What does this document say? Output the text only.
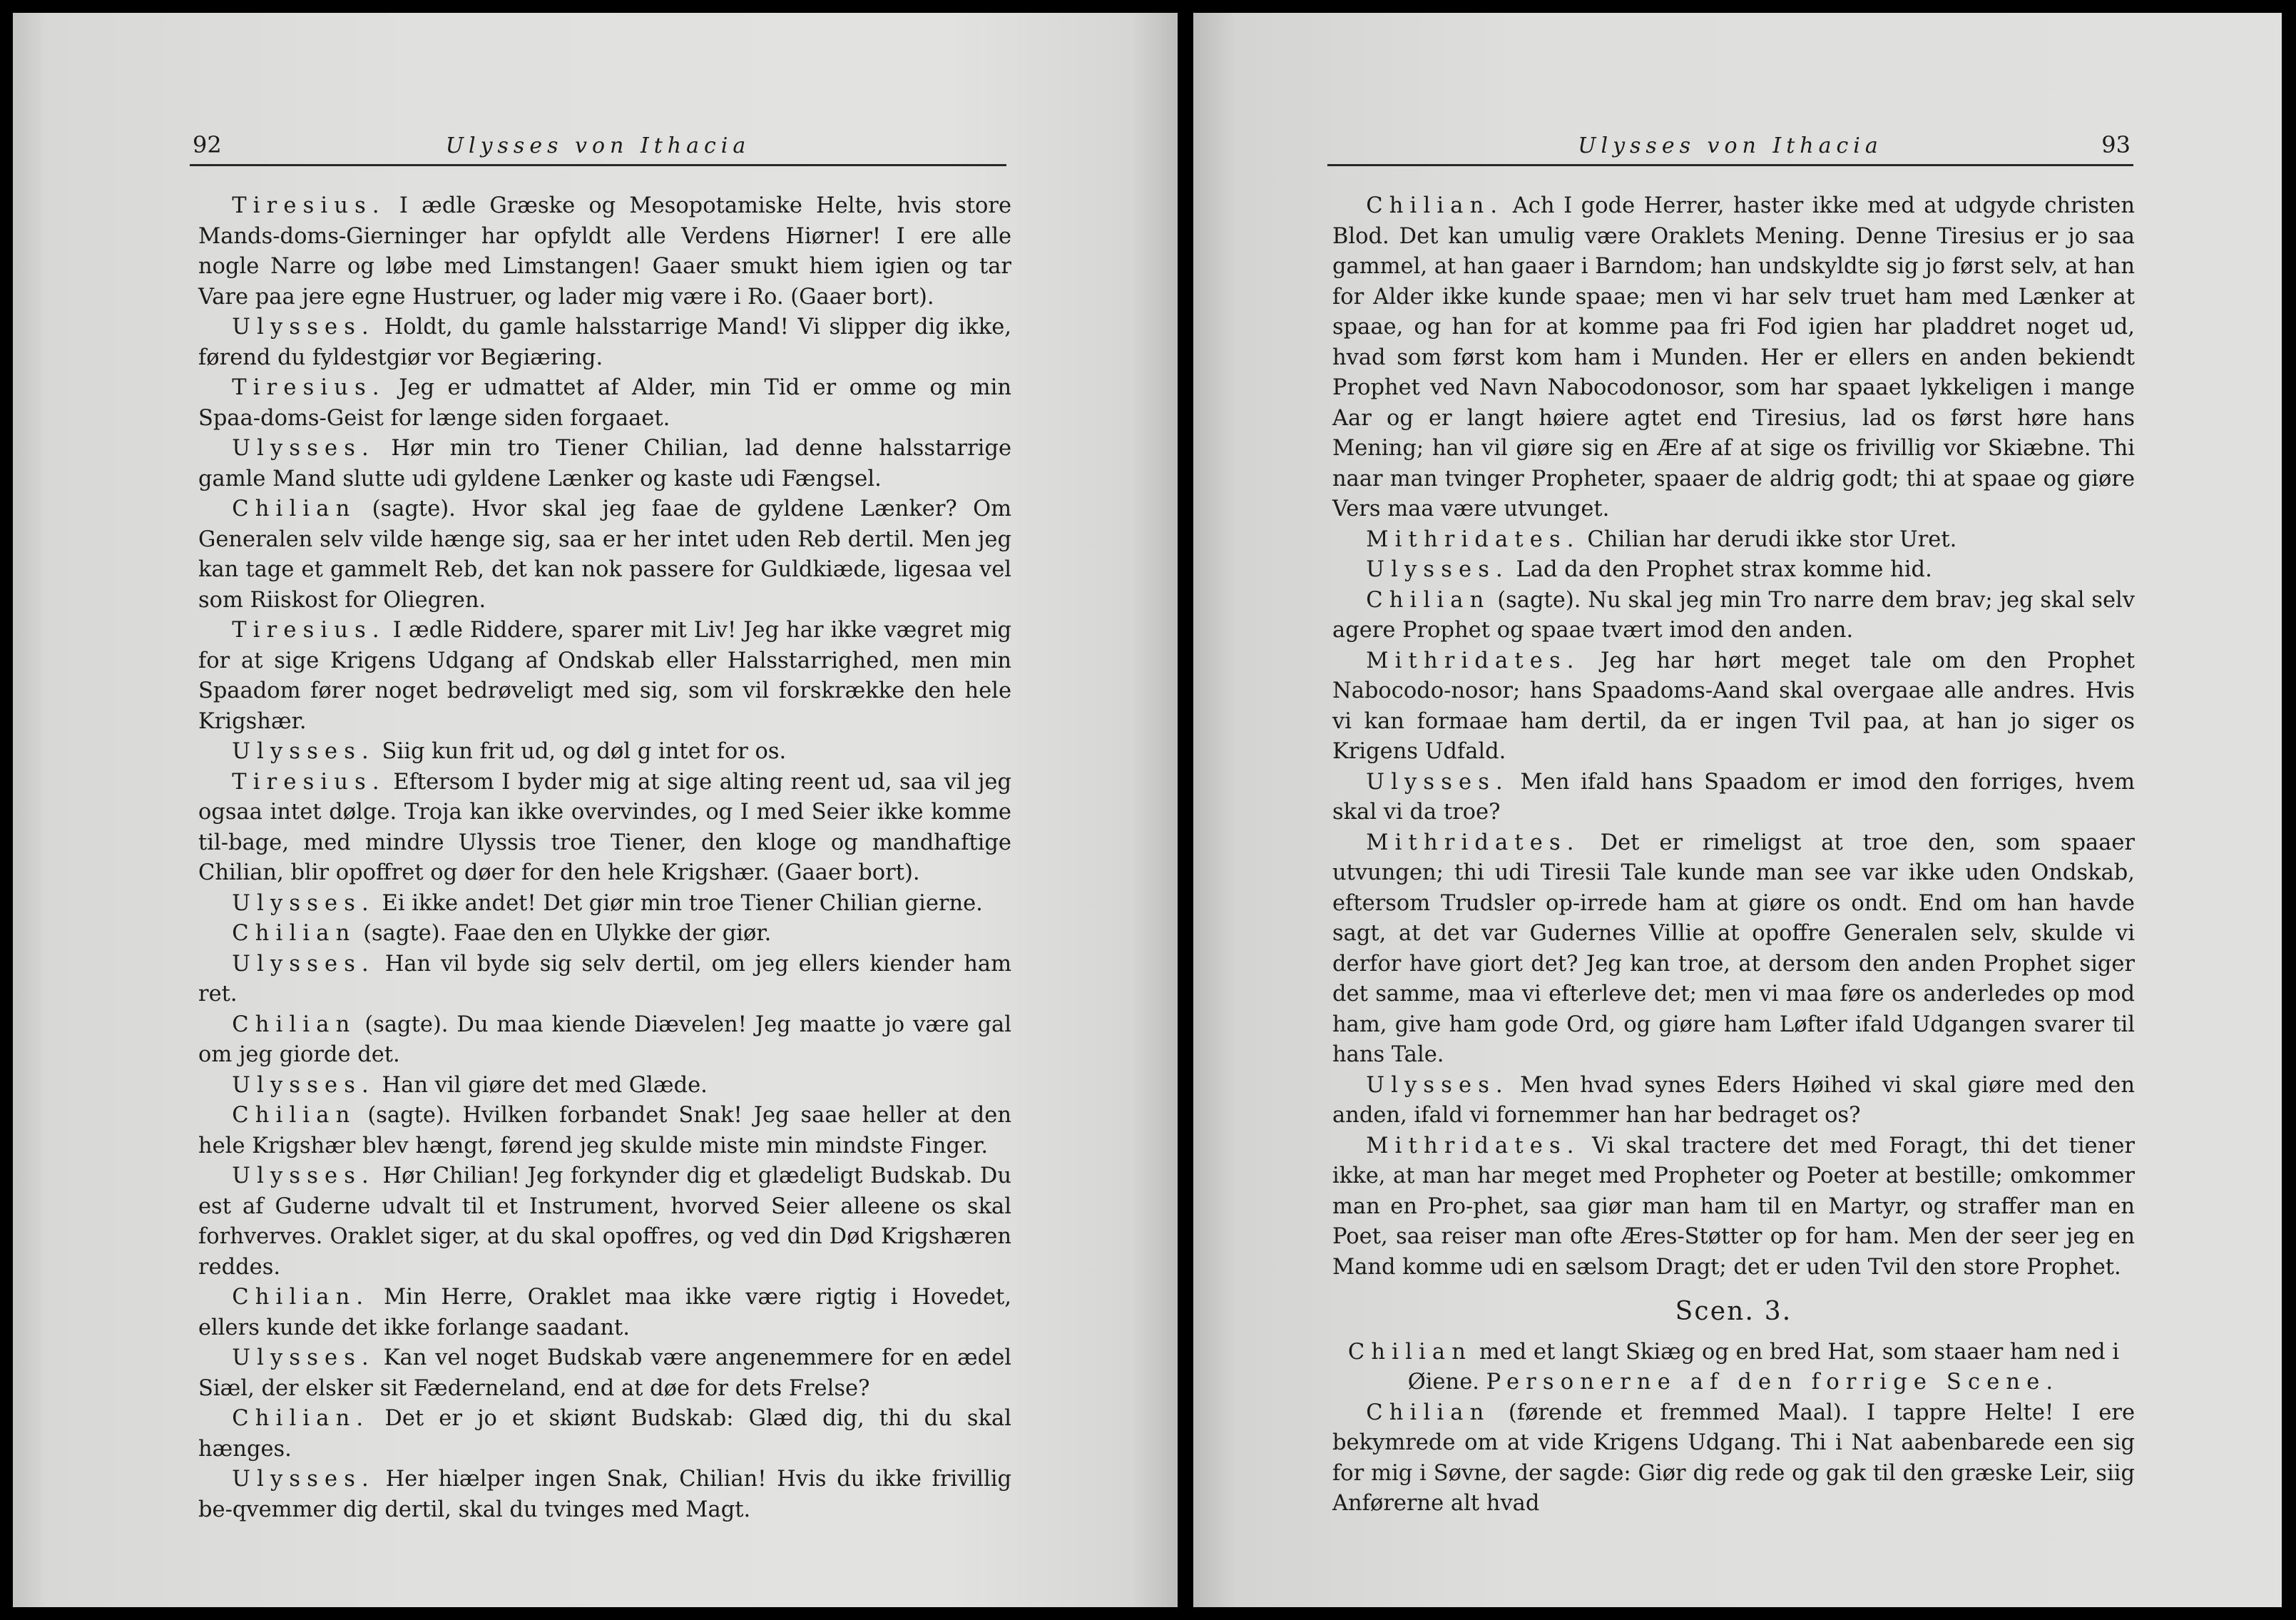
92	Ulysses von Ithacia

Tiresius. I ædle Græske og Mesopotamiske Helte, hvis store Mands-doms-Gierninger har opfyldt alle Verdens Hiørner! I ere alle nogle Narre og løbe med Limstangen! Gaaer smukt hiem igien og tar Vare paa jere egne Hustruer, og lader mig være i Ro. (Gaaer bort).

Ulysses. Holdt, du gamle halsstarrige Mand! Vi slipper dig ikke, førend du fyldestgiør vor Begiæring.

Tiresius. Jeg er udmattet af Alder, min Tid er omme og min Spaa-doms-Geist for længe siden forgaaet.

Ulysses. Hør min tro Tiener Chilian, lad denne halsstarrige gamle Mand slutte udi gyldene Lænker og kaste udi Fængsel.

Chilian (sagte). Hvor skal jeg faae de gyldene Lænker? Om Generalen selv vilde hænge sig, saa er her intet uden Reb dertil. Men jeg kan tage et gammelt Reb, det kan nok passere for Guldkiæde, ligesaa vel som Riiskost for Oliegren.

Tiresius. I ædle Riddere, sparer mit Liv! Jeg har ikke vægret mig for at sige Krigens Udgang af Ondskab eller Halsstarrighed, men min Spaadom fører noget bedrøveligt med sig, som vil forskrække den hele Krigshær.

Ulysses. Siig kun frit ud, og døl g intet for os.

Tiresius. Eftersom I byder mig at sige alting reent ud, saa vil jeg ogsaa intet dølge. Troja kan ikke overvindes, og I med Seier ikke komme til-bage, med mindre Ulyssis troe Tiener, den kloge og mandhaftige Chilian, blir opoffret og døer for den hele Krigshær. (Gaaer bort).

Ulysses. Ei ikke andet! Det giør min troe Tiener Chilian gierne.

Chilian (sagte). Faae den en Ulykke der giør.

Ulysses. Han vil byde sig selv dertil, om jeg ellers kiender ham ret.

Chilian (sagte). Du maa kiende Diævelen! Jeg maatte jo være gal om jeg giorde det.

Ulysses. Han vil giøre det med Glæde.

Chilian (sagte). Hvilken forbandet Snak! Jeg saae heller at den hele Krigshær blev hængt, førend jeg skulde miste min mindste Finger.

Ulysses. Hør Chilian! Jeg forkynder dig et glædeligt Budskab. Du est af Guderne udvalt til et Instrument, hvorved Seier alleene os skal forhverves. Oraklet siger, at du skal opoffres, og ved din Død Krigshæren reddes.

Chilian. Min Herre, Oraklet maa ikke være rigtig i Hovedet, ellers kunde det ikke forlange saadant.

Ulysses. Kan vel noget Budskab være angenemmere for en ædel Siæl, der elsker sit Fæderneland, end at døe for dets Frelse?

Chilian. Det er jo et skiønt Budskab: Glæd dig, thi du skal hænges.

Ulysses. Her hiælper ingen Snak, Chilian! Hvis du ikke frivillig be-qvemmer dig dertil, skal du tvinges med Magt.

Ulysses von Ithacia	93

Chilian. Ach I gode Herrer, haster ikke med at udgyde christen Blod. Det kan umulig være Oraklets Mening. Denne Tiresius er jo saa gammel, at han gaaer i Barndom; han undskyldte sig jo først selv, at han for Alder ikke kunde spaae; men vi har selv truet ham med Lænker at spaae, og han for at komme paa fri Fod igien har pladdret noget ud, hvad som først kom ham i Munden. Her er ellers en anden bekiendt Prophet ved Navn Nabocodonosor, som har spaaet lykkeligen i mange Aar og er langt høiere agtet end Tiresius, lad os først høre hans Mening; han vil giøre sig en Ære af at sige os frivillig vor Skiæbne. Thi naar man tvinger Propheter, spaaer de aldrig godt; thi at spaae og giøre Vers maa være utvunget.

Mithridates. Chilian har derudi ikke stor Uret.

Ulysses. Lad da den Prophet strax komme hid.

Chilian (sagte). Nu skal jeg min Tro narre dem brav; jeg skal selv agere Prophet og spaae tvært imod den anden.

Mithridates. Jeg har hørt meget tale om den Prophet Nabocodo-nosor; hans Spaadoms-Aand skal overgaae alle andres. Hvis vi kan formaae ham dertil, da er ingen Tvil paa, at han jo siger os Krigens Udfald.

Ulysses. Men ifald hans Spaadom er imod den forriges, hvem skal vi da troe?

Mithridates. Det er rimeligst at troe den, som spaaer utvungen; thi udi Tiresii Tale kunde man see var ikke uden Ondskab, eftersom Trudsler op-irrede ham at giøre os ondt. End om han havde sagt, at det var Gudernes Villie at opoffre Generalen selv, skulde vi derfor have giort det? Jeg kan troe, at dersom den anden Prophet siger det samme, maa vi efterleve det; men vi maa føre os anderledes op mod ham, give ham gode Ord, og giøre ham Løfter ifald Udgangen svarer til hans Tale.

Ulysses. Men hvad synes Eders Høihed vi skal giøre med den anden, ifald vi fornemmer han har bedraget os?

Mithridates. Vi skal tractere det med Foragt, thi det tiener ikke, at man har meget med Propheter og Poeter at bestille; omkommer man en Pro-phet, saa giør man ham til en Martyr, og straffer man en Poet, saa reiser man ofte Æres-Støtter op for ham. Men der seer jeg en Mand komme udi en sælsom Dragt; det er uden Tvil den store Prophet.

Scen. 3.

Chilian med et langt Skiæg og en bred Hat, som staaer ham ned i Øiene. Personerne af den forrige Scene.

Chilian (førende et fremmed Maal). I tappre Helte! I ere bekymrede om at vide Krigens Udgang. Thi i Nat aabenbarede een sig for mig i Søvne, der sagde: Giør dig rede og gak til den græske Leir, siig Anførerne alt hvad
